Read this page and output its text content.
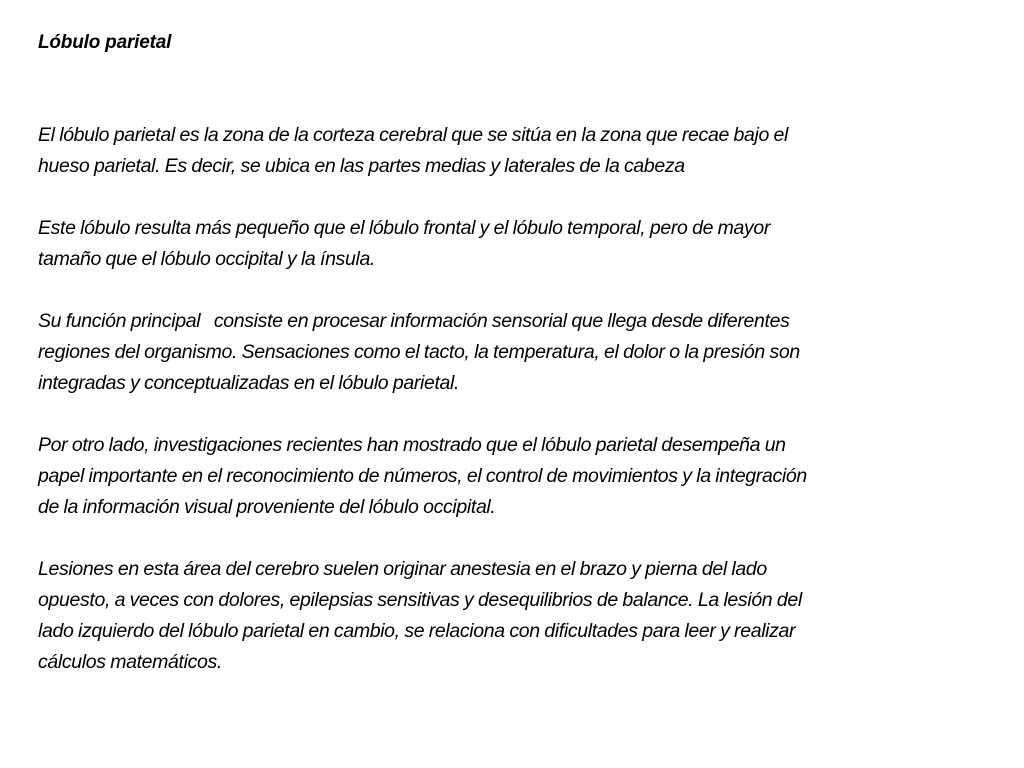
Lóbulo parietal

El lóbulo parietal es la zona de la corteza cerebral que se sitúa en la zona que recae bajo el
hueso parietal. Es decir, se ubica en las partes medias y laterales de la cabeza

Este lóbulo resulta más pequeño que el lóbulo frontal y el lóbulo temporal, pero de mayor
tamaño que el lóbulo occipital y la ínsula.

Su función principal   consiste en procesar información sensorial que llega desde diferentes
regiones del organismo. Sensaciones como el tacto, la temperatura, el dolor o la presión son
integradas y conceptualizadas en el lóbulo parietal.

Por otro lado, investigaciones recientes han mostrado que el lóbulo parietal desempeña un
papel importante en el reconocimiento de números, el control de movimientos y la integración
de la información visual proveniente del lóbulo occipital.

Lesiones en esta área del cerebro suelen originar anestesia en el brazo y pierna del lado
opuesto, a veces con dolores, epilepsias sensitivas y desequilibrios de balance. La lesión del
lado izquierdo del lóbulo parietal en cambio, se relaciona con dificultades para leer y realizar
cálculos matemáticos.
